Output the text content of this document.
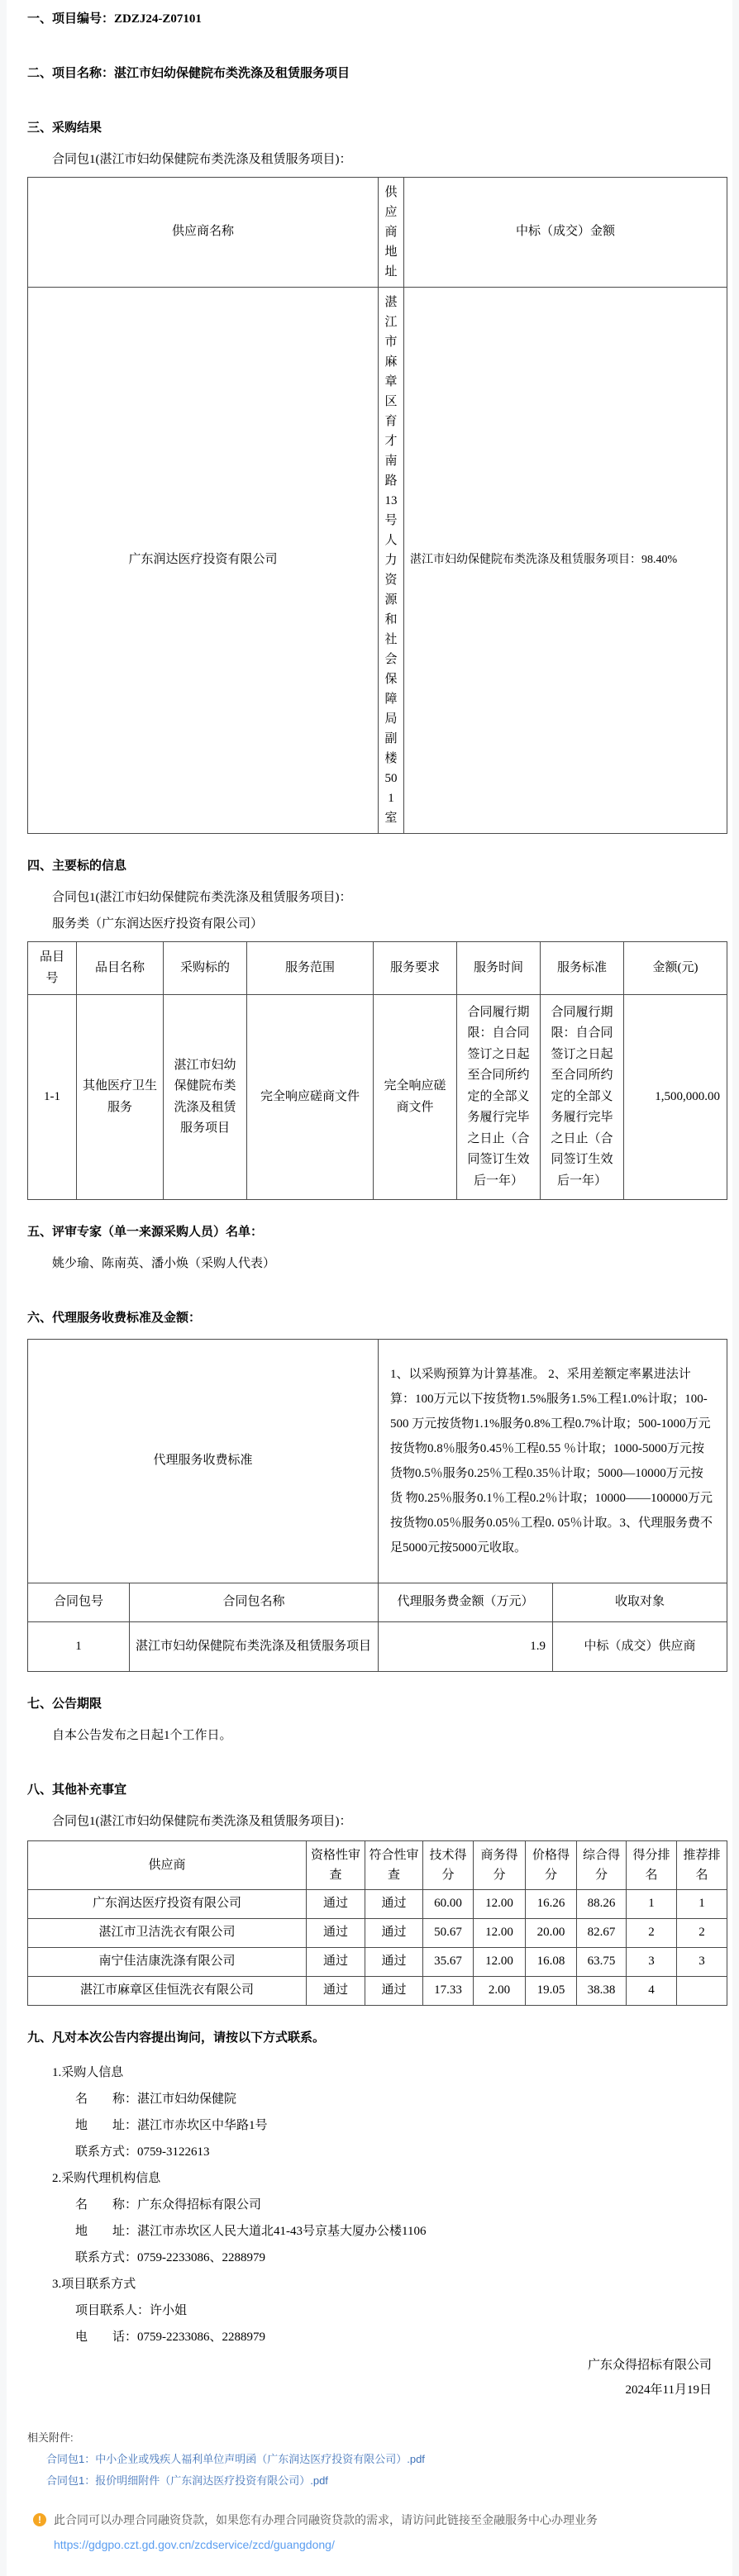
一、项目编号：ZDZJ24-Z07101
二、项目名称：湛江市妇幼保健院布类洗涤及租赁服务项目
三、采购结果
合同包1(湛江市妇幼保健院布类洗涤及租赁服务项目)：
供应商名称	供应商地址	中标（成交）金额
广东润达医疗投资有限公司	湛江市麻章区育才南路13号人力资源和社会保障局副楼501室	湛江市妇幼保健院布类洗涤及租赁服务项目：98.40%
四、主要标的信息
合同包1(湛江市妇幼保健院布类洗涤及租赁服务项目)：
服务类（广东润达医疗投资有限公司）
品目号	品目名称	采购标的	服务范围	服务要求	服务时间	服务标准	金额(元)
1-1	其他医疗卫生服务	湛江市妇幼保健院布类洗涤及租赁服务项目	完全响应磋商文件	完全响应磋商文件	合同履行期限：自合同签订之日起至合同所约定的全部义务履行完毕之日止（合同签订生效后一年）	合同履行期限：自合同签订之日起至合同所约定的全部义务履行完毕之日止（合同签订生效后一年）	1,500,000.00
五、评审专家（单一来源采购人员）名单：
姚少瑜、陈南英、潘小焕（采购人代表）
六、代理服务收费标准及金额：
代理服务收费标准		1、以采购预算为计算基准。 2、采用差额定率累进法计算：100万元以下按货物1.5%服务1.5%工程1.0%计取；100-500 万元按货物1.1%服务0.8%工程0.7%计取；500-1000万元按货物0.8％服务0.45％工程0.55 ％计取；1000-5000万元按货物0.5％服务0.25％工程0.35％计取；5000—10000万元按货 物0.25％服务0.1％工程0.2％计取；10000——100000万元按货物0.05％服务0.05％工程0. 05％计取。3、代理服务费不足5000元按5000元收取。	
合同包号	合同包名称	代理服务费金额（万元）	收取对象
1	湛江市妇幼保健院布类洗涤及租赁服务项目	1.9	中标（成交）供应商
七、公告期限
自本公告发布之日起1个工作日。
八、其他补充事宜
合同包1(湛江市妇幼保健院布类洗涤及租赁服务项目)：
供应商	资格性审查	符合性审查	技术得分	商务得分	价格得分	综合得分	得分排名	推荐排名
广东润达医疗投资有限公司	通过	通过	60.00	12.00	16.26	88.26	1	1
湛江市卫洁洗衣有限公司	通过	通过	50.67	12.00	20.00	82.67	2	2
南宁佳洁康洗涤有限公司	通过	通过	35.67	12.00	16.08	63.75	3	3
湛江市麻章区佳恒洗衣有限公司	通过	通过	17.33	2.00	19.05	38.38	4	
九、凡对本次公告内容提出询问，请按以下方式联系。
1.采购人信息
名　　称：湛江市妇幼保健院
地　　址：湛江市赤坎区中华路1号
联系方式：0759-3122613
2.采购代理机构信息
名　　称：广东众得招标有限公司
地　　址：湛江市赤坎区人民大道北41-43号京基大厦办公楼1106
联系方式：0759-2233086、2288979
3.项目联系方式
项目联系人：许小姐
电　　话：0759-2233086、2288979
广东众得招标有限公司
2024年11月19日
相关附件:
合同包1：中小企业或残疾人福利单位声明函（广东润达医疗投资有限公司）.pdf
合同包1：报价明细附件（广东润达医疗投资有限公司）.pdf
!	此合同可以办理合同融资贷款，如果您有办理合同融资贷款的需求，请访问此链接至金融服务中心办理业务
https://gdgpo.czt.gd.gov.cn/zcdservice/zcd/guangdong/
